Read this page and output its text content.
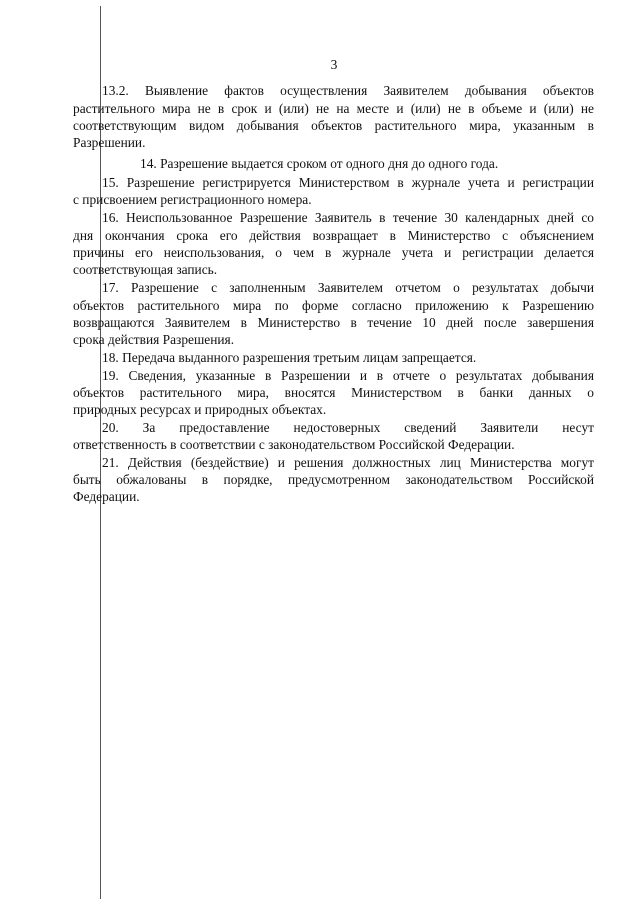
3
13.2. Выявление фактов осуществления Заявителем добывания объектов
растительного мира не в срок и (или) не на месте и (или) не в объеме и (или) не
соответствующим видом добывания объектов растительного мира, указанным в
Разрешении.
14. Разрешение выдается сроком от одного дня до одного года.
15. Разрешение регистрируется Министерством в журнале учета и регистрации
с присвоением регистрационного номера.
16. Неиспользованное Разрешение Заявитель в течение 30 календарных дней со
дня окончания срока его действия возвращает в Министерство с объяснением
причины его неиспользования, о чем в журнале учета и регистрации делается
соответствующая запись.
17. Разрешение с заполненным Заявителем отчетом о результатах добычи
объектов растительного мира по форме согласно приложению к Разрешению
возвращаются Заявителем в Министерство в течение 10 дней после завершения
срока действия Разрешения.
18. Передача выданного разрешения третьим лицам запрещается.
19. Сведения, указанные в Разрешении и в отчете о результатах добывания
объектов растительного мира, вносятся Министерством в банки данных о
природных ресурсах и природных объектах.
20. За предоставление недостоверных сведений Заявители несут
ответственность в соответствии с законодательством Российской Федерации.
21. Действия (бездействие) и решения должностных лиц Министерства могут
быть обжалованы в порядке, предусмотренном законодательством Российской
Федерации.
